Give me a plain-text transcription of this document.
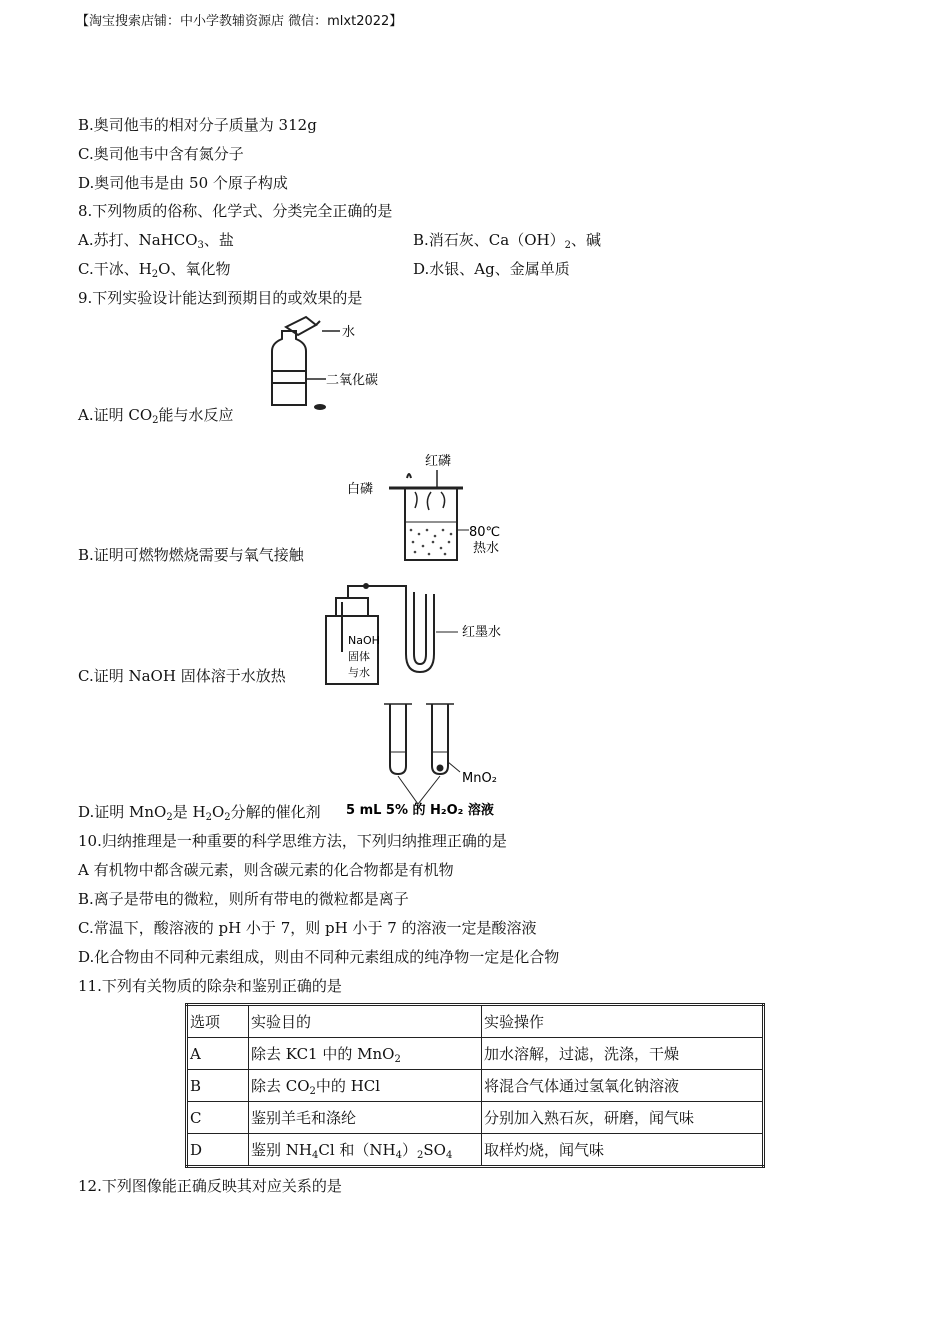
【淘宝搜索店铺：中小学教辅资源店 微信：mlxt2022】
B.奥司他韦的相对分子质量为 312g
C.奥司他韦中含有氮分子
D.奥司他韦是由 50 个原子构成
8.下列物质的俗称、化学式、分类完全正确的是
A.苏打、NaHCO$_3$、盐	B.消石灰、$Ca(OH)_2$、碱
C.干冰、$H_2O$、氧化物	D.水银、Ag、金属单质
9.下列实验设计能达到预期目的或效果的是
水
二氧化碳
A.证明 $CO_2$能与水反应
红磷
白磷
80℃
热水
B.证明可燃物燃烧需要与氧气接触
NaOH
固体
与水
红墨水
C.证明 NaOH 固体溶于水放热
MnO₂
5 mL 5% 的 H₂O₂ 溶液
D.证明 MnO$_2$是 $H_2O_2$分解的催化剂
10.归纳推理是一种重要的科学思维方法，下列归纳推理正确的是
A 有机物中都含碳元素，则含碳元素的化合物都是有机物
B.离子是带电的微粒，则所有带电的微粒都是离子
C.常温下，酸溶液的 pH 小于 7，则 pH 小于 7 的溶液一定是酸溶液
D.化合物由不同种元素组成，则由不同种元素组成的纯净物一定是化合物
11.下列有关物质的除杂和鉴别正确的是
选项	实验目的	实验操作
A	除去 KC1 中的 MnO$_2$	加水溶解，过滤，洗涤，干燥
B	除去 $CO_2$中的 HCl	将混合气体通过氢氧化钠溶液
C	鉴别羊毛和涤纶	分别加入熟石灰，研磨，闻气味
D	鉴别 $NH_4Cl$ 和$(NH_4)_2SO_4$	取样灼烧，闻气味
12.下列图像能正确反映其对应关系的是
